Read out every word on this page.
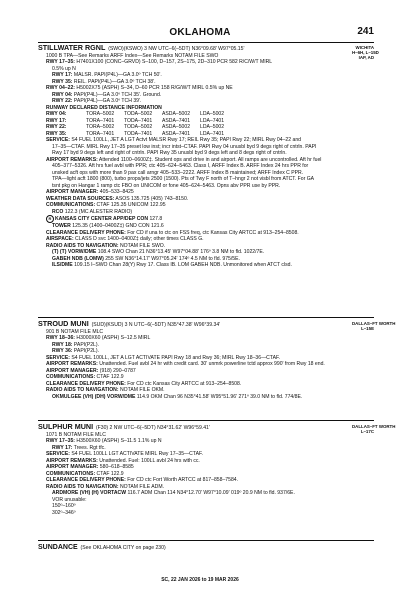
OKLAHOMA	241
STILLWATER RGNL (SWO)(KSWO) 3 NW UTC–6(–5DT) N36°09.68' W97°05.15'
1000 B TPA—See Remarks ARFF Index—See Remarks NOTAM FILE SWO
RWY 17–35: H7401X100 (CONC–GRVD) S–100, D–157, 2S–175, 2D–310 PCR 582 R/C/W/T MIRL
0.5% up N
RWY 17: MALSR. PAPI(P4L)—GA 3.0º TCH 50'.
RWY 35: REIL. PAPI(P4L)—GA 3.0º TCH 38'.
RWY 04–22: H5002X75 (ASPH) S–34, D–60 PCR 158 R/G/W/T MIRL 0.5% up NE
RWY 04: PAPI(P4L)—GA 3.0º TCH 35'. Ground.
RWY 22: PAPI(P4L)—GA 3.0º TCH 39'.
RUNWAY DECLARED DISTANCE INFORMATION
RWY 04:	TORA–5002 TODA–5002 ASDA–5002 LDA–5002
RWY 17:	TORA–7401 TODA–7401 ASDA–7401 LDA–7401
RWY 22:	TORA–5002 TODA–5002 ASDA–5002 LDA–5002
RWY 35:	TORA–7401 TODA–7401 ASDA–7401 LDA–7401
SERVICE: S4 FUEL 100LL, JET A LGT Actvt MALSR Rwy 17; REIL Rwy 35; PAPI Rwy 22; MIRL Rwy 04–22 and
17–35—CTAF. MIRL Rwy 17–35 preset low inst; incr intst–CTAF. PAPI Rwy 04 unusbl byd 9 degs right of cntrln. PAPI
Rwy 17 byd 9 degs left and right of cntrln. PAPI Rwy 35 unusbl byd 9 degs left and 8 degs right of cntrln.
AIRPORT REMARKS: Attended 1100–0600Z‡. Student ops and drive in and airport. All ramps are uncontrolled. Aft hr fuel
405–377–5326. Aft hrs fuel avbl with PPR; ctc 405–624–5463. Class I, ARFF Index B. ARFF Index 24 hrs PPR for
unsked acft ops with more than 9 pax call arngr 405–533–2222. ARFF Index B maintained; ARFF Index C PPR.
TPA—light acft 1800 (800), turbo props/jets 2500 (1500). Pts of Twy F north of T–hngr 2 not visbl from ATCT. For GA
tsnt pkg on Hangar 1 ramp ctc FBO on UNICOM or fone 405–624–5463. Opns abv PPR use by PPR.
AIRPORT MANAGER: 405–533–8425
WEATHER DATA SOURCES: ASOS 135.725 (405) 743–8150.
COMMUNICATIONS: CTAF 125.35 UNICOM 122.95
RCO 122.3 (MC ALESTER RADIO)
R KANSAS CITY CENTER APP/DEP CON 127.8
TOWER 125.35 (1400–0400Z‡) GND CON 121.6
CLEARANCE DELIVERY PHONE: For CD if una to ctc on FSS freq, ctc Kansas City ARTCC at 913–254–8508.
AIRSPACE: CLASS D svc 1400–0400Z‡ daily; other times CLASS G.
RADIO AIDS TO NAVIGATION: NOTAM FILE SWO.
(T) (T) VORW/DME 108.4 SWO Chan 21 N36°13.45' W97°04.88' 176º 3.8 NM to fld. 1022/7E.
GABEH NDB (LOMW) 255 SW N36°14.17' W97°05.24' 174º 4.5 NM to fld. 975/5E.
ILS/DME 109.15 I–SWO Chan 28(Y) Rwy 17. Class IB. LOM GABEH NDB. Unmonitored when ATCT clsd.
WICHITA
H–6H, L–15D
IAP, AD
STROUD MUNI (SUD)(KSUD) 3 N UTC–6(–5DT) N35°47.38' W96°39.34'
901 B NOTAM FILE MLC
RWY 18–36: H3000X60 (ASPH) S–12.5 MIRL
RWY 18: PAPI(P2L).
RWY 36: PAPI(P2L).
SERVICE: S4 FUEL 100LL, JET A LGT ACTIVATE PAPI Rwy 18 and Rwy 36; MIRL Rwy 18–36—CTAF.
AIRPORT REMARKS: Unattended. Fuel avbl 24 hr with credit card. 30' unmrk powerline tctd approx 990' from Rwy 18 end.
AIRPORT MANAGER: (918) 290–0787
COMMUNICATIONS: CTAF 122.9
CLEARANCE DELIVERY PHONE: For CD ctc Kansas City ARTCC at 913–254–8508.
RADIO AIDS TO NAVIGATION: NOTAM FILE OKM.
OKMULGEE (VH) (DH) VORW/DME 114.9 OKM Chan 96 N35°41.58' W95°51.96' 271º 39.0 NM to fld. 774/8E.
DALLAS–FT WORTH
L–15E
SULPHUR MUNI (F30) 2 NW UTC–6(–5DT) N34°31.62' W96°59.41'
1071 B NOTAM FILE MLC
RWY 17–35: H3500X60 (ASPH) S–11.5 1.1% up N
RWY 17: Trees. Rgt tfc.
SERVICE: S4 FUEL 100LL LGT ACTIVATE MIRL Rwy 17–35—CTAF.
AIRPORT REMARKS: Unattended. Fuel: 100LL avbl 24 hrs with cc.
AIRPORT MANAGER: 580–618–8585
COMMUNICATIONS: CTAF 122.9
CLEARANCE DELIVERY PHONE: For CD ctc Fort Worth ARTCC at 817–858–7584.
RADIO AIDS TO NAVIGATION: NOTAM FILE ADM.
ARDMORE (VH) (H) VORTACW 116.7 ADM Chan 114 N34°12.70' W97°10.09' 019º 20.9 NM to fld. 937/6E.
VOR unusable:
150º–160º
302º–346º
DALLAS–FT WORTH
L–17C
SUNDANCE (See OKLAHOMA CITY on page 230)
SC, 22 JAN 2026 to 19 MAR 2026
